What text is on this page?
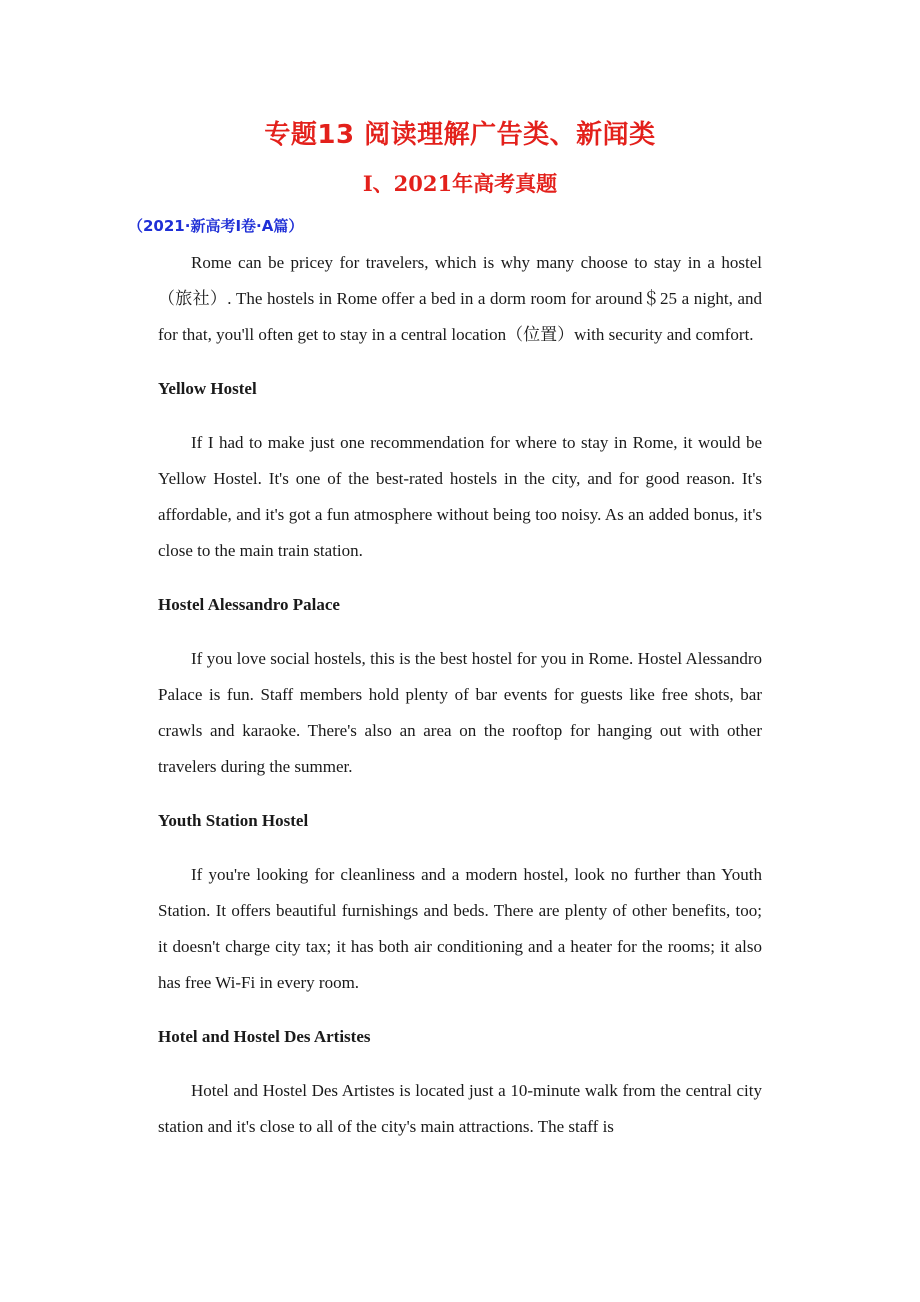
专题13 阅读理解广告类、新闻类
I、2021年高考真题

（2021·新高考I卷·A篇）

Rome can be pricey for travelers, which is why many choose to stay in a hostel （旅社）. The hostels in Rome offer a bed in a dorm room for around＄25 a night, and for that, you'll often get to stay in a central location（位置）with security and comfort.

Yellow Hostel

If I had to make just one recommendation for where to stay in Rome, it would be Yellow Hostel. It's one of the best-rated hostels in the city, and for good reason. It's affordable, and it's got a fun atmosphere without being too noisy. As an added bonus, it's close to the main train station.

Hostel Alessandro Palace

If you love social hostels, this is the best hostel for you in Rome. Hostel Alessandro Palace is fun. Staff members hold plenty of bar events for guests like free shots, bar crawls and karaoke. There's also an area on the rooftop for hanging out with other travelers during the summer.

Youth Station Hostel

If you're looking for cleanliness and a modern hostel, look no further than Youth Station. It offers beautiful furnishings and beds. There are plenty of other benefits, too; it doesn't charge city tax; it has both air conditioning and a heater for the rooms; it also has free Wi-Fi in every room.

Hotel and Hostel Des Artistes

Hotel and Hostel Des Artistes is located just a 10-minute walk from the central city station and it's close to all of the city's main attractions. The staff is
